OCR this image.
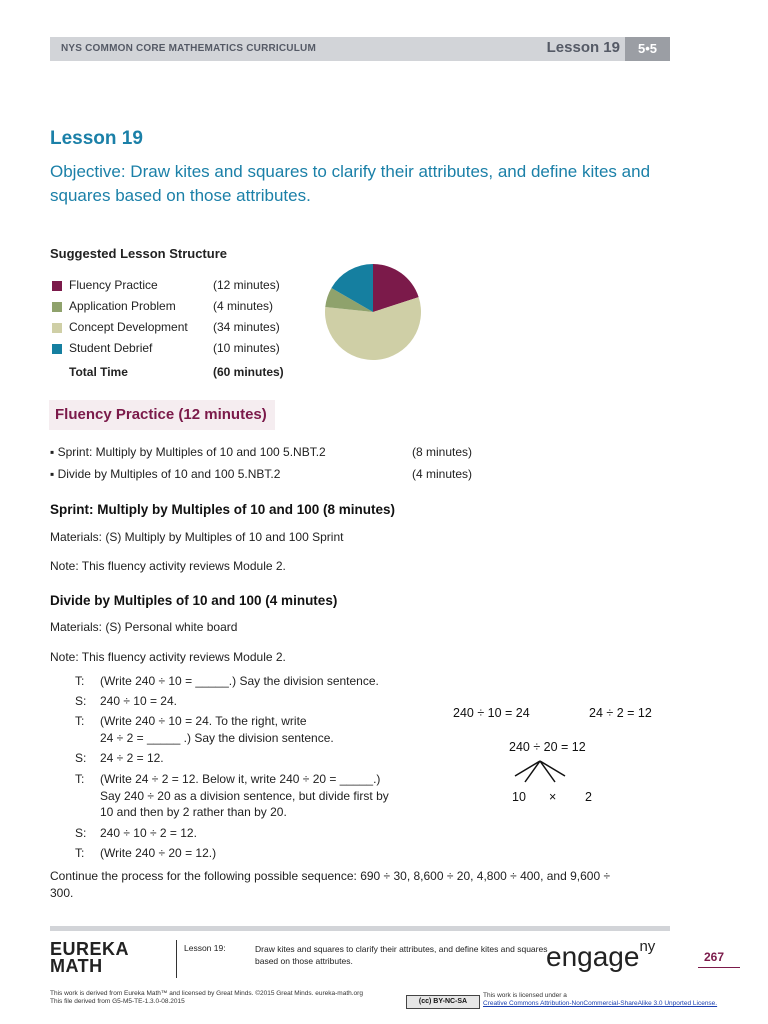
NYS COMMON CORE MATHEMATICS CURRICULUM	Lesson 19	5•5
Lesson 19
Objective: Draw kites and squares to clarify their attributes, and define kites and squares based on those attributes.
Suggested Lesson Structure
Fluency Practice	(12 minutes)
Application Problem	(4 minutes)
Concept Development (34 minutes)
Student Debrief	(10 minutes)
Total Time	(60 minutes)
Fluency Practice (12 minutes)
▪ Sprint: Multiply by Multiples of 10 and 100 5.NBT.2	(8 minutes)
▪ Divide by Multiples of 10 and 100 5.NBT.2	(4 minutes)
Sprint: Multiply by Multiples of 10 and 100 (8 minutes)
Materials: (S) Multiply by Multiples of 10 and 100 Sprint
Note: This fluency activity reviews Module 2.
Divide by Multiples of 10 and 100 (4 minutes)
Materials: (S) Personal white board
Note: This fluency activity reviews Module 2.
T: (Write 240 ÷ 10 = _____.) Say the division sentence.
S: 240 ÷ 10 = 24.
T: (Write 240 ÷ 10 = 24. To the right, write
24 ÷ 2 = _____ .) Say the division sentence.
S: 24 ÷ 2 = 12.
T: (Write 24 ÷ 2 = 12. Below it, write 240 ÷ 20 = _____.)
Say 240 ÷ 20 as a division sentence, but divide first by
10 and then by 2 rather than by 20.
S: 240 ÷ 10 ÷ 2 = 12.
T: (Write 240 ÷ 20 = 12.)
240 ÷ 10 = 24	24 ÷ 2 = 12
240 ÷ 20 = 12
10 × 2
Continue the process for the following possible sequence: 690 ÷ 30, 8,600 ÷ 20, 4,800 ÷ 400, and 9,600 ÷ 300.
EUREKA
MATH
Lesson 19:	Draw kites and squares to clarify their attributes, and define kites and squares based on those attributes.	engage$^{ny}$
267
This work is derived from Eureka Math™ and licensed by Great Minds. ©2015 Great Minds. eureka-math.org
This file derived from G5-M5-TE-1.3.0-08.2015	(cc) BY-NC-SA
This work is licensed under a
Creative Commons Attribution-NonCommercial-ShareAlike 3.0 Unported License.
